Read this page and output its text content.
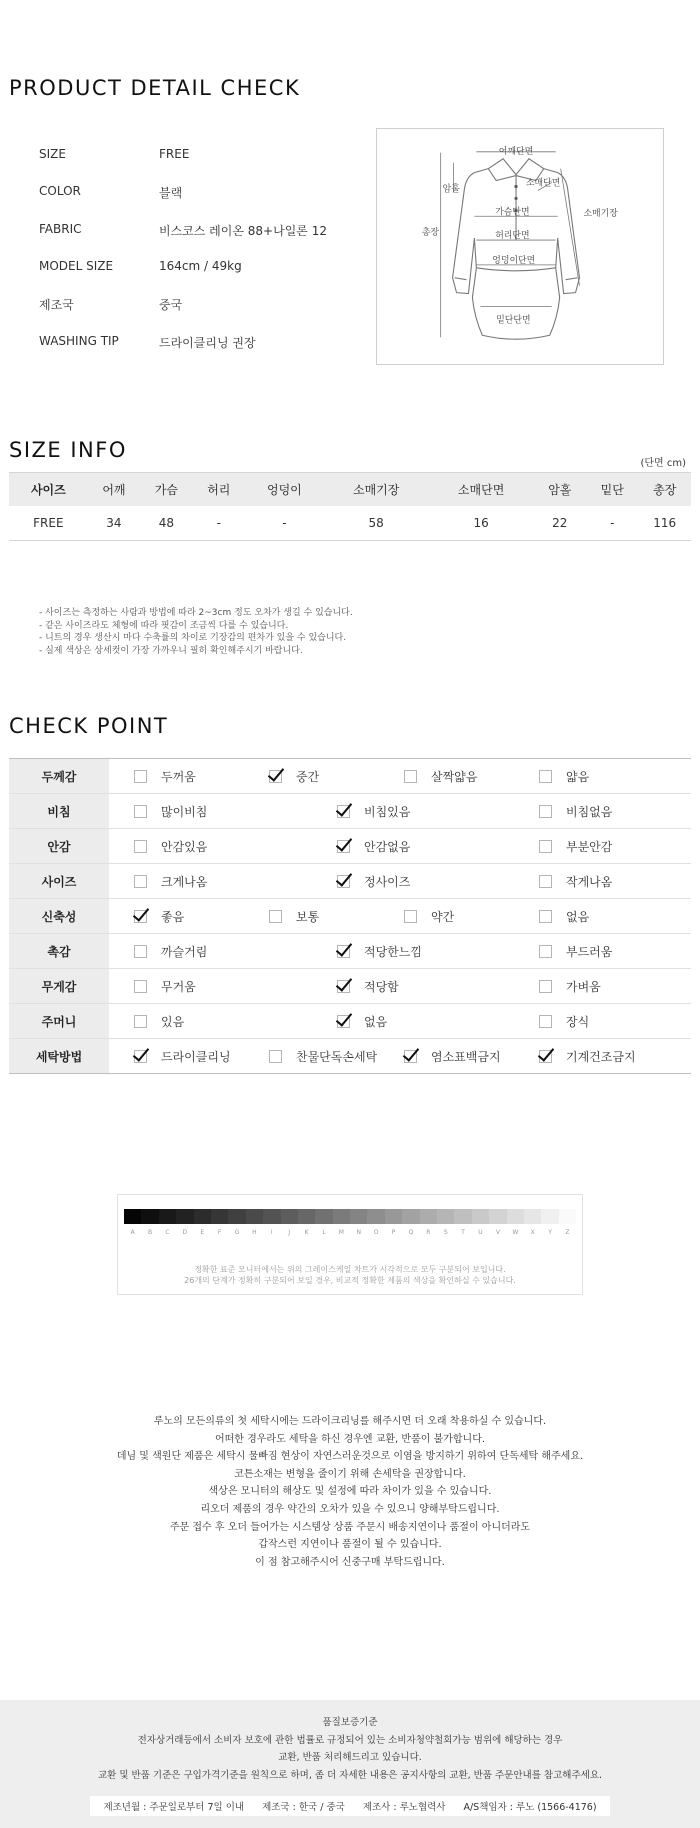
PRODUCT DETAIL CHECK
SIZE	FREE
COLOR	블랙
FABRIC	비스코스 레이온 88+나일론 12
MODEL SIZE	164cm / 49kg
제조국	중국
WASHING TIP	드라이클리닝 권장
어깨단면
암홀
소매단면
소매기장
가슴단면
총장	허리단면
엉덩이단면
밑단단면
SIZE INFO
(단면 cm)
사이즈	어깨	가슴	허리	엉덩이	소매기장	소매단면	암홀	밑단	총장
FREE	34	48	-	-	58	16	22	-	116
- 사이즈는 측정하는 사람과 방법에 따라 2~3cm 정도 오차가 생길 수 있습니다.
- 같은 사이즈라도 체형에 따라 핏감이 조금씩 다를 수 있습니다.
- 니트의 경우 생산시 마다 수축률의 차이로 기장감의 편차가 있을 수 있습니다.
- 실제 색상은 상세컷이 가장 가까우니 필히 확인해주시기 바랍니다.
CHECK POINT
두께감	두꺼움 중간 살짝얇음 얇음

비침	많이비침 비침있음 비침없음

안감	안감있음 안감없음 부분안감

사이즈	크게나옴 정사이즈 작게나옴

신축성	좋음 보통 약간 없음

촉감	까슬거림 적당한느낌 부드러움

무게감	무거움 적당함 가벼움

주머니	있음 없음 장식

세탁방법	드라이클리닝 찬물단독손세탁 염소표백금지 기계건조금지
A	B	C	D	E	F	G	H	I	J	K	L	M	N	O	P	Q	R	S	T	U	V	W	X	Y	Z
정확한 표준 모니터에서는 위의 그레이스케일 차트가 시각적으로 모두 구분되어 보입니다.
26개의 단계가 정확히 구분되어 보일 경우, 비교적 정확한 제품의 색상을 확인하실 수 있습니다.
루노의 모든의류의 첫 세탁시에는 드라이크리닝를 해주시면 더 오래 착용하실 수 있습니다.
어떠한 경우라도 세탁을 하신 경우엔 교환, 반품이 불가합니다.
데님 및 색원단 제품은 세탁시 물빠짐 현상이 자연스러운것으로 이염을 방지하기 위하여 단독세탁 해주세요.
코튼소재는 변형을 줄이기 위해 손세탁을 권장합니다.
색상은 모니터의 해상도 및 설정에 따라 차이가 있을 수 있습니다.
리오더 제품의 경우 약간의 오차가 있을 수 있으니 양해부탁드립니다.
주문 접수 후 오더 들어가는 시스템상 상품 주문시 배송지연이나 품절이 아니더라도
갑작스런 지연이나 품절이 될 수 있습니다.
이 점 참고해주시어 신중구매 부탁드립니다.
품질보증기준
전자상거래등에서 소비자 보호에 관한 법률로 규정되어 있는 소비자청약철회가능 범위에 해당하는 경우
교환, 반품 처리해드리고 있습니다.
교환 및 반품 기준은 구입가격기준을 원칙으로 하며, 좀 더 자세한 내용은 공지사항의 교환, 반품 주문안내를 참고해주세요.
제조년월 : 주문일로부터 7일 이내 제조국 : 한국 / 중국 제조사 : 루노협력사 A/S책임자 : 루노 (1566-4176)
